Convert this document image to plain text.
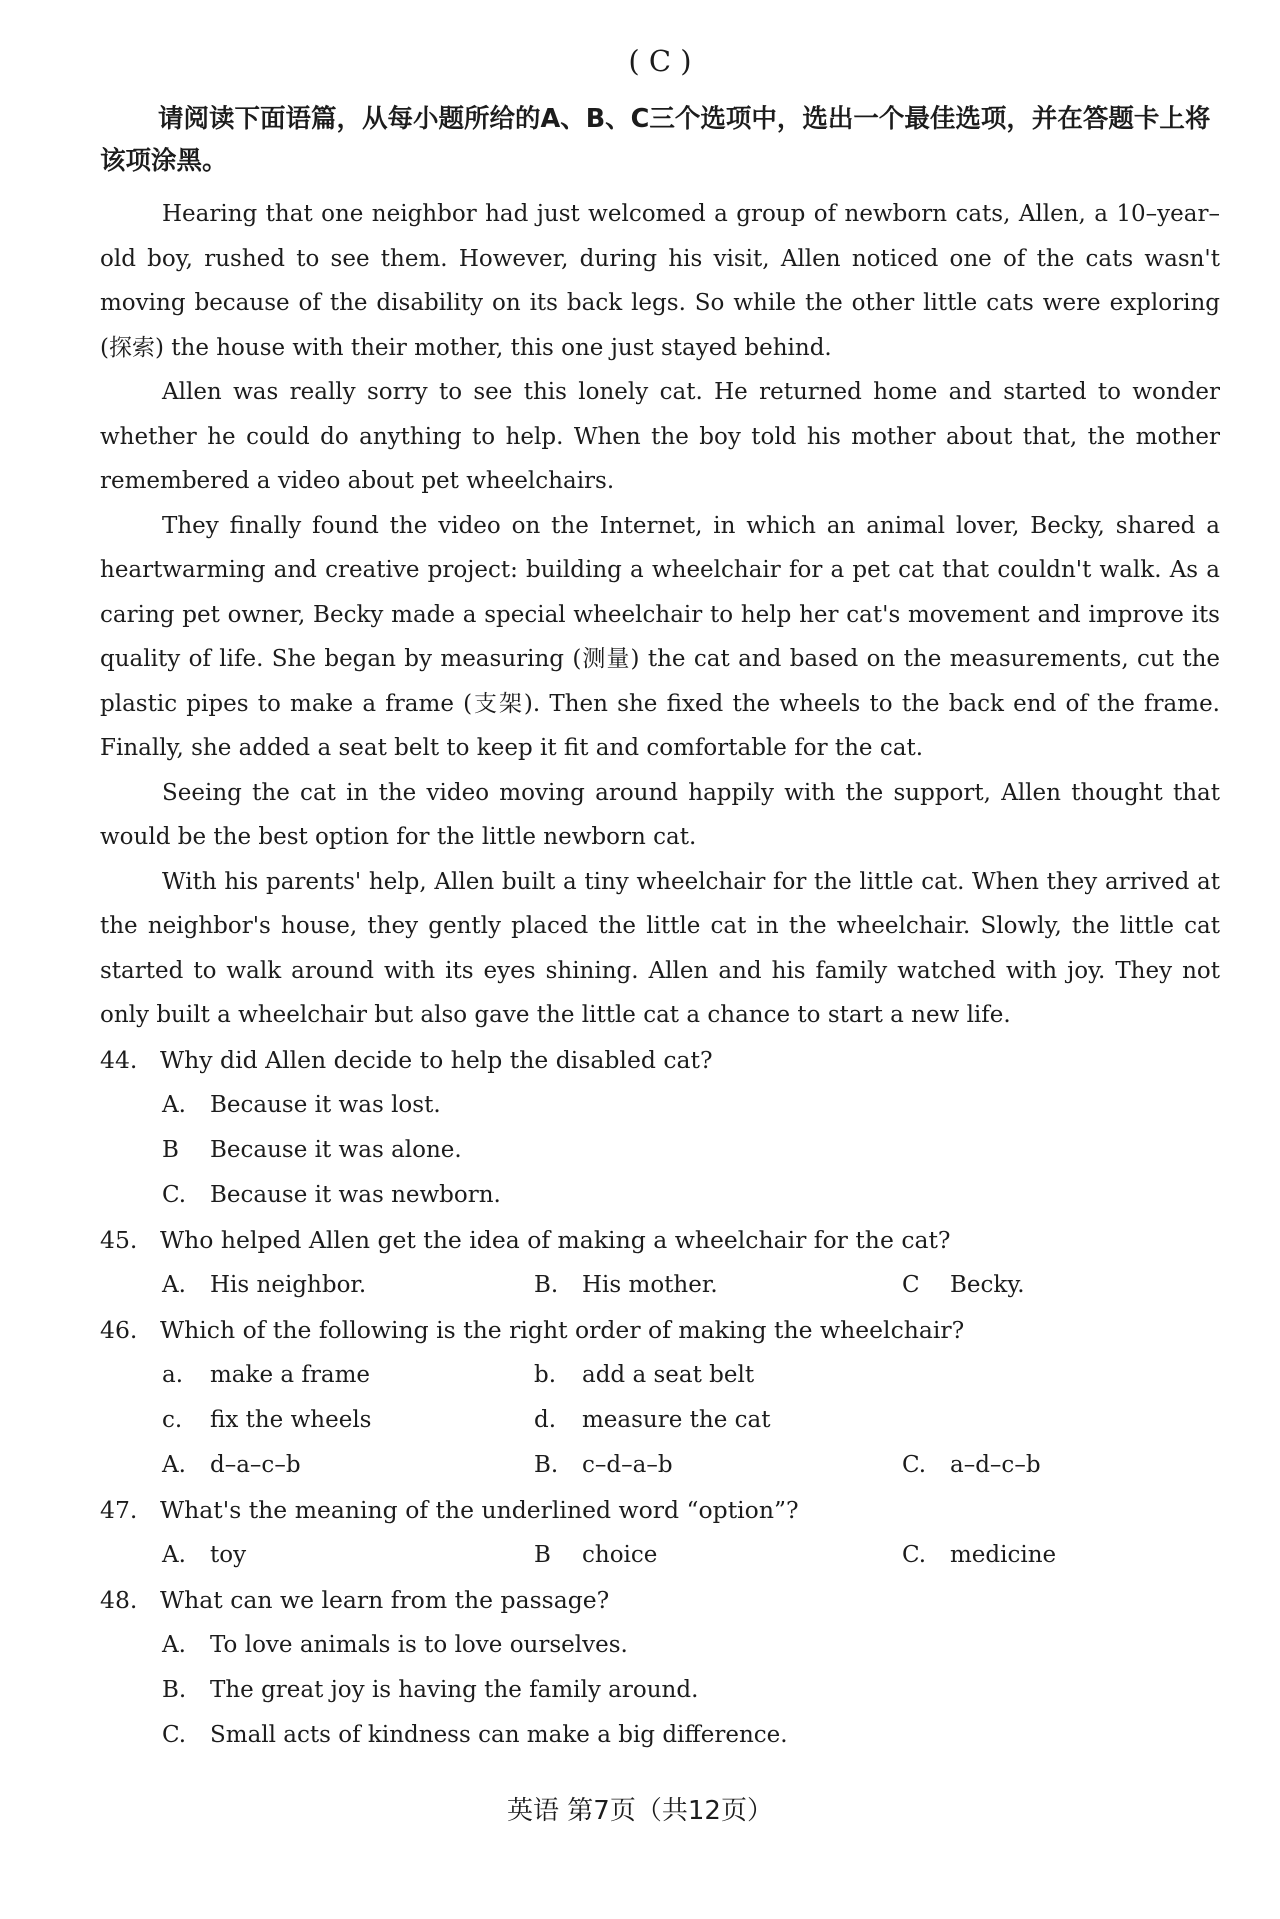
( C )

请阅读下面语篇，从每小题所给的A、B、C三个选项中，选出一个最佳选项，并在答题卡上将该项涂黑。

Hearing that one neighbor had just welcomed a group of newborn cats, Allen, a 10–year–old boy, rushed to see them. However, during his visit, Allen noticed one of the cats wasn't moving because of the disability on its back legs. So while the other little cats were exploring (探索) the house with their mother, this one just stayed behind.

Allen was really sorry to see this lonely cat. He returned home and started to wonder whether he could do anything to help. When the boy told his mother about that, the mother remembered a video about pet wheelchairs.

They finally found the video on the Internet, in which an animal lover, Becky, shared a heartwarming and creative project: building a wheelchair for a pet cat that couldn't walk. As a caring pet owner, Becky made a special wheelchair to help her cat's movement and improve its quality of life. She began by measuring (测量) the cat and based on the measurements, cut the plastic pipes to make a frame (支架). Then she fixed the wheels to the back end of the frame. Finally, she added a seat belt to keep it fit and comfortable for the cat.

Seeing the cat in the video moving around happily with the support, Allen thought that would be the best option for the little newborn cat.

With his parents' help, Allen built a tiny wheelchair for the little cat. When they arrived at the neighbor's house, they gently placed the little cat in the wheelchair. Slowly, the little cat started to walk around with its eyes shining. Allen and his family watched with joy. They not only built a wheelchair but also gave the little cat a chance to start a new life.

44. Why did Allen decide to help the disabled cat?
A.	Because it was lost.
B	Because it was alone.
C.	Because it was newborn.
45. Who helped Allen get the idea of making a wheelchair for the cat?
A.	His neighbor.	B.	His mother.	C	Becky.
46. Which of the following is the right order of making the wheelchair?
a.	make a frame	b.	add a seat belt
c.	fix the wheels	d.	measure the cat
A.	d–a–c–b	B.	c–d–a–b	C.	a–d–c–b
47. What's the meaning of the underlined word “option”?
A.	toy	B	choice	C.	medicine
48. What can we learn from the passage?
A.	To love animals is to love ourselves.
B.	The great joy is having the family around.
C.	Small acts of kindness can make a big difference.
英语 第7页（共12页）
